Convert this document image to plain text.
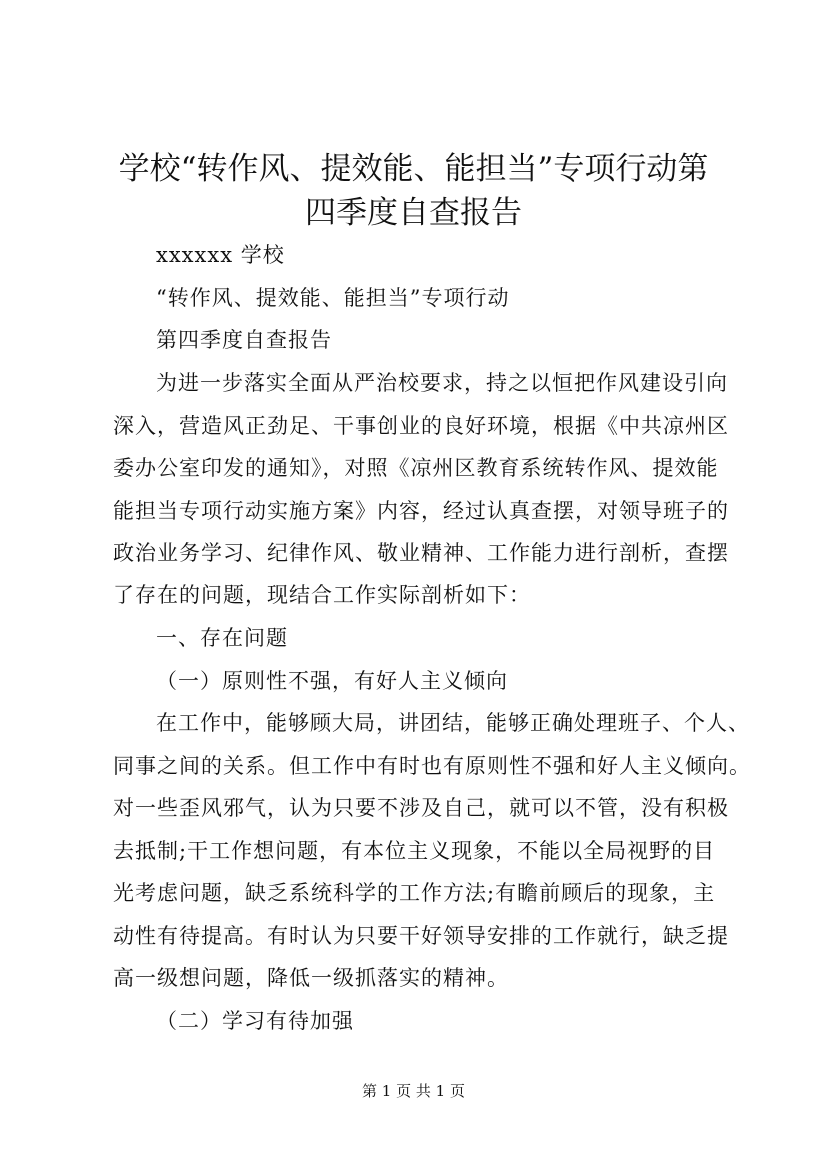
学校“转作风、提效能、能担当”专项行动第
四季度自查报告

xxxxxx 学校

“转作风、提效能、能担当”专项行动

第四季度自查报告

为进一步落实全面从严治校要求，持之以恒把作风建设引向

深入，营造风正劲足、干事创业的良好环境，根据《中共凉州区

委办公室印发的通知》，对照《凉州区教育系统转作风、提效能

能担当专项行动实施方案》内容，经过认真查摆，对领导班子的

政治业务学习、纪律作风、敬业精神、工作能力进行剖析，查摆

了存在的问题，现结合工作实际剖析如下：

一、存在问题

（一）原则性不强，有好人主义倾向

在工作中，能够顾大局，讲团结，能够正确处理班子、个人、

同事之间的关系。但工作中有时也有原则性不强和好人主义倾向。

对一些歪风邪气，认为只要不涉及自己，就可以不管，没有积极

去抵制;干工作想问题，有本位主义现象，不能以全局视野的目

光考虑问题，缺乏系统科学的工作方法;有瞻前顾后的现象，主

动性有待提高。有时认为只要干好领导安排的工作就行，缺乏提

高一级想问题，降低一级抓落实的精神。

（二）学习有待加强

第 1 页 共 1 页
